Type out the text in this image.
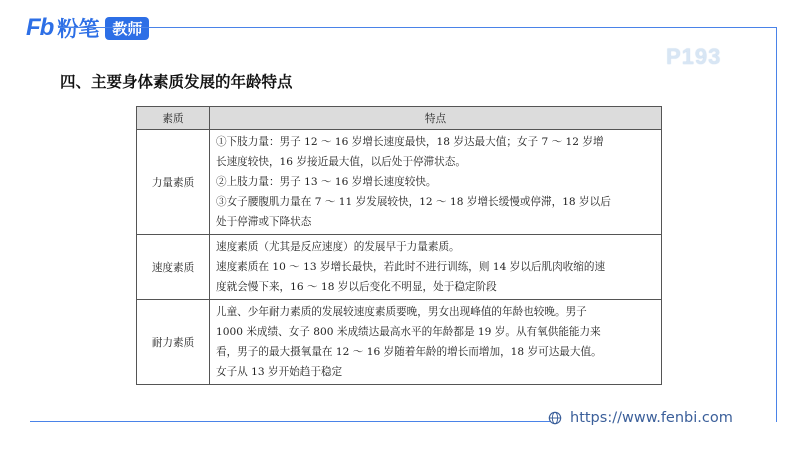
Fb 粉笔 教师
P193
四、主要身体素质发展的年龄特点
素质	特点
力量素质	①下肢力量：男子 12 ～ 16 岁增长速度最快，18 岁达最大值；女子 7 ～ 12 岁增
长速度较快，16 岁接近最大值，以后处于停滞状态。
②上肢力量：男子 13 ～ 16 岁增长速度较快。
③女子腰腹肌力量在 7 ～ 11 岁发展较快，12 ～ 18 岁增长缓慢或停滞，18 岁以后
处于停滞或下降状态

速度素质	速度素质（尤其是反应速度）的发展早于力量素质。
速度素质在 10 ～ 13 岁增长最快，若此时不进行训练，则 14 岁以后肌肉收缩的速
度就会慢下来，16 ～ 18 岁以后变化不明显，处于稳定阶段

耐力素质	儿童、少年耐力素质的发展较速度素质要晚，男女出现峰值的年龄也较晚。男子
1000 米成绩、女子 800 米成绩达最高水平的年龄都是 19 岁。从有氧供能能力来
看，男子的最大摄氧量在 12 ～ 16 岁随着年龄的增长而增加，18 岁可达最大值。
女子从 13 岁开始趋于稳定
https://www.fenbi.com
